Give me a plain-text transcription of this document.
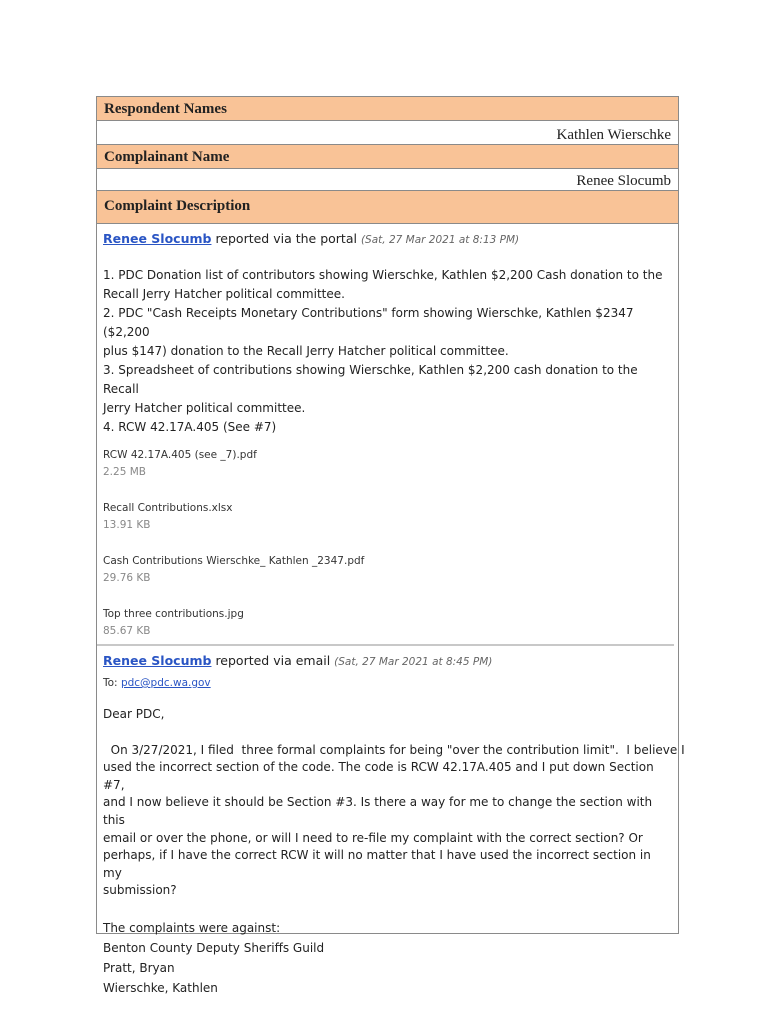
Respondent Names
Kathlen Wierschke
Complainant Name
Renee Slocumb
Complaint Description
Renee Slocumb reported via the portal (Sat, 27 Mar 2021 at 8:13 PM)

1. PDC Donation list of contributors showing Wierschke, Kathlen $2,200 Cash donation to the

Recall Jerry Hatcher political committee.

2. PDC "Cash Receipts Monetary Contributions" form showing Wierschke, Kathlen $2347 ($2,200

plus $147) donation to the Recall Jerry Hatcher political committee.

3. Spreadsheet of contributions showing Wierschke, Kathlen $2,200 cash donation to the Recall

Jerry Hatcher political committee.

4. RCW 42.17A.405 (See #7)

RCW 42.17A.405 (see _7).pdf
2.25 MB
Recall Contributions.xlsx
13.91 KB
Cash Contributions Wierschke_ Kathlen _2347.pdf
29.76 KB
Top three contributions.jpg
85.67 KB
Renee Slocumb reported via email (Sat, 27 Mar 2021 at 8:45 PM)
To: pdc@pdc.wa.gov

Dear PDC,

On 3/27/2021, I filed  three formal complaints for being "over the contribution limit".  I believe I

used the incorrect section of the code. The code is RCW 42.17A.405 and I put down Section #7,

and I now believe it should be Section #3. Is there a way for me to change the section with this

email or over the phone, or will I need to re-file my complaint with the correct section? Or

perhaps, if I have the correct RCW it will no matter that I have used the incorrect section in my

submission?

The complaints were against:

Benton County Deputy Sheriffs Guild

Pratt, Bryan

Wierschke, Kathlen
